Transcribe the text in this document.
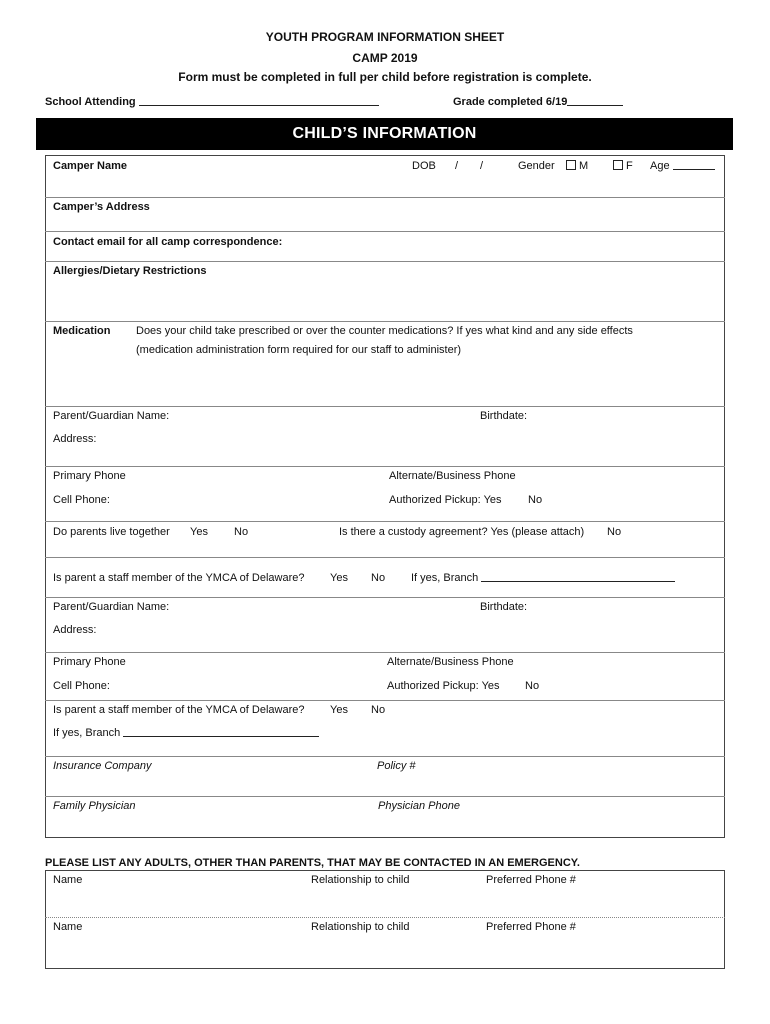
YOUTH PROGRAM INFORMATION SHEET
CAMP 2019
Form must be completed in full per child before registration is complete.
School Attending	Grade completed 6/19
CHILD’S INFORMATION
Camper Name	DOB / /	Gender	M	F Age
Camper’s Address
Contact email for all camp correspondence:
Allergies/Dietary Restrictions
Medication Does your child take prescribed or over the counter medications? If yes what kind and any side effects
(medication administration form required for our staff to administer)
Parent/Guardian Name:	Birthdate:
Address:
Primary Phone	Alternate/Business Phone
Cell Phone:	Authorized Pickup: Yes No
Do parents live together Yes No	Is there a custody agreement? Yes (please attach) No
Is parent a staff member of the YMCA of Delaware? Yes No If yes, Branch
Parent/Guardian Name:	Birthdate:
Address:
Primary Phone	Alternate/Business Phone
Cell Phone:	Authorized Pickup: Yes No
Is parent a staff member of the YMCA of Delaware? Yes No
If yes, Branch
Insurance Company	Policy #
Family Physician	Physician Phone
PLEASE LIST ANY ADULTS, OTHER THAN PARENTS, THAT MAY BE CONTACTED IN AN EMERGENCY.
Name	Relationship to child	Preferred Phone #
Name	Relationship to child	Preferred Phone #
